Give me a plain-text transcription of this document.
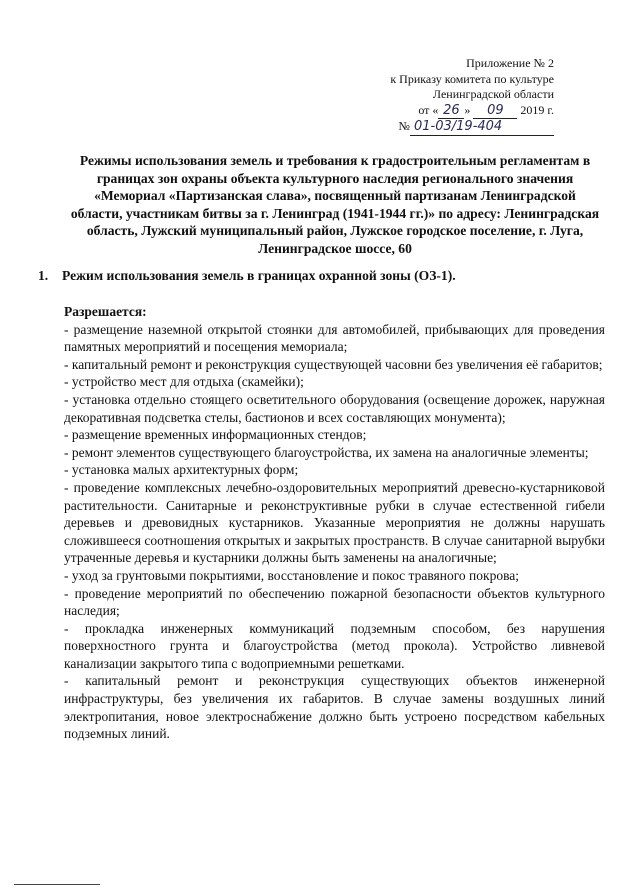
Приложение № 2
к Приказу комитета по культуре
Ленинградской области
от « 26 » 09 2019 г.
№ 01-03/19-404
Режимы использования земель и требования к градостроительным регламентам в границах зон охраны объекта культурного наследия регионального значения «Мемориал «Партизанская слава», посвященный партизанам Ленинградской области, участникам битвы за г. Ленинград (1941-1944 гг.)» по адресу: Ленинградская область, Лужский муниципальный район, Лужское городское поселение, г. Луга, Ленинградское шоссе, 60
1. Режим использования земель в границах охранной зоны (ОЗ-1).

Разрешается:

- размещение наземной открытой стоянки для автомобилей, прибывающих для проведения памятных мероприятий и посещения мемориала;

- капитальный ремонт и реконструкция существующей часовни без увеличения её габаритов;

- устройство мест для отдыха (скамейки);

- установка отдельно стоящего осветительного оборудования (освещение дорожек, наружная декоративная подсветка стелы, бастионов и всех составляющих монумента);

- размещение временных информационных стендов;

- ремонт элементов существующего благоустройства, их замена на аналогичные элементы;

- установка малых архитектурных форм;

- проведение комплексных лечебно-оздоровительных мероприятий древесно-кустарниковой растительности. Санитарные и реконструктивные рубки в случае естественной гибели деревьев и древовидных кустарников. Указанные мероприятия не должны нарушать сложившееся соотношения открытых и закрытых пространств. В случае санитарной вырубки утраченные деревья и кустарники должны быть заменены на аналогичные;

- уход за грунтовыми покрытиями, восстановление и покос травяного покрова;

- проведение мероприятий по обеспечению пожарной безопасности объектов культурного наследия;

- прокладка инженерных коммуникаций подземным способом, без нарушения поверхностного грунта и благоустройства (метод прокола). Устройство ливневой канализации закрытого типа с водоприемными решетками.

- капитальный ремонт и реконструкция существующих объектов инженерной инфраструктуры, без увеличения их габаритов. В случае замены воздушных линий электропитания, новое электроснабжение должно быть устроено посредством кабельных подземных линий.
